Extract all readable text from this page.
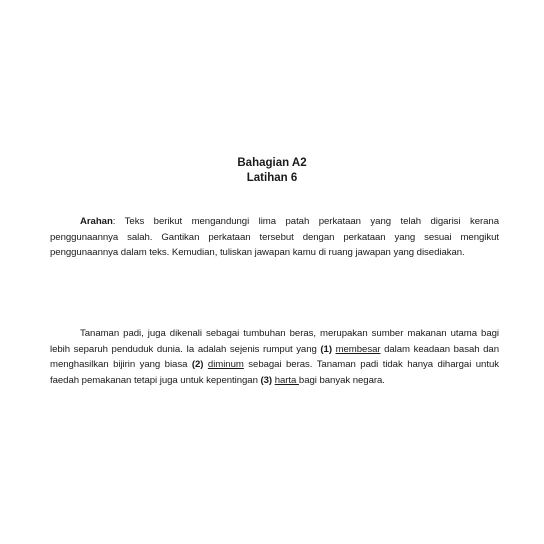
Bahagian A2
Latihan 6
Arahan: Teks berikut mengandungi lima patah perkataan yang telah digarisi kerana penggunaannya salah. Gantikan perkataan tersebut dengan perkataan yang sesuai mengikut penggunaannya dalam teks. Kemudian, tuliskan jawapan kamu di ruang jawapan yang disediakan.
Tanaman padi, juga dikenali sebagai tumbuhan beras, merupakan sumber makanan utama bagi lebih separuh penduduk dunia. Ia adalah sejenis rumput yang (1) membesar dalam keadaan basah dan menghasilkan bijirin yang biasa (2) diminum sebagai beras. Tanaman padi tidak hanya dihargai untuk faedah pemakanan tetapi juga untuk kepentingan (3) harta bagi banyak negara.
